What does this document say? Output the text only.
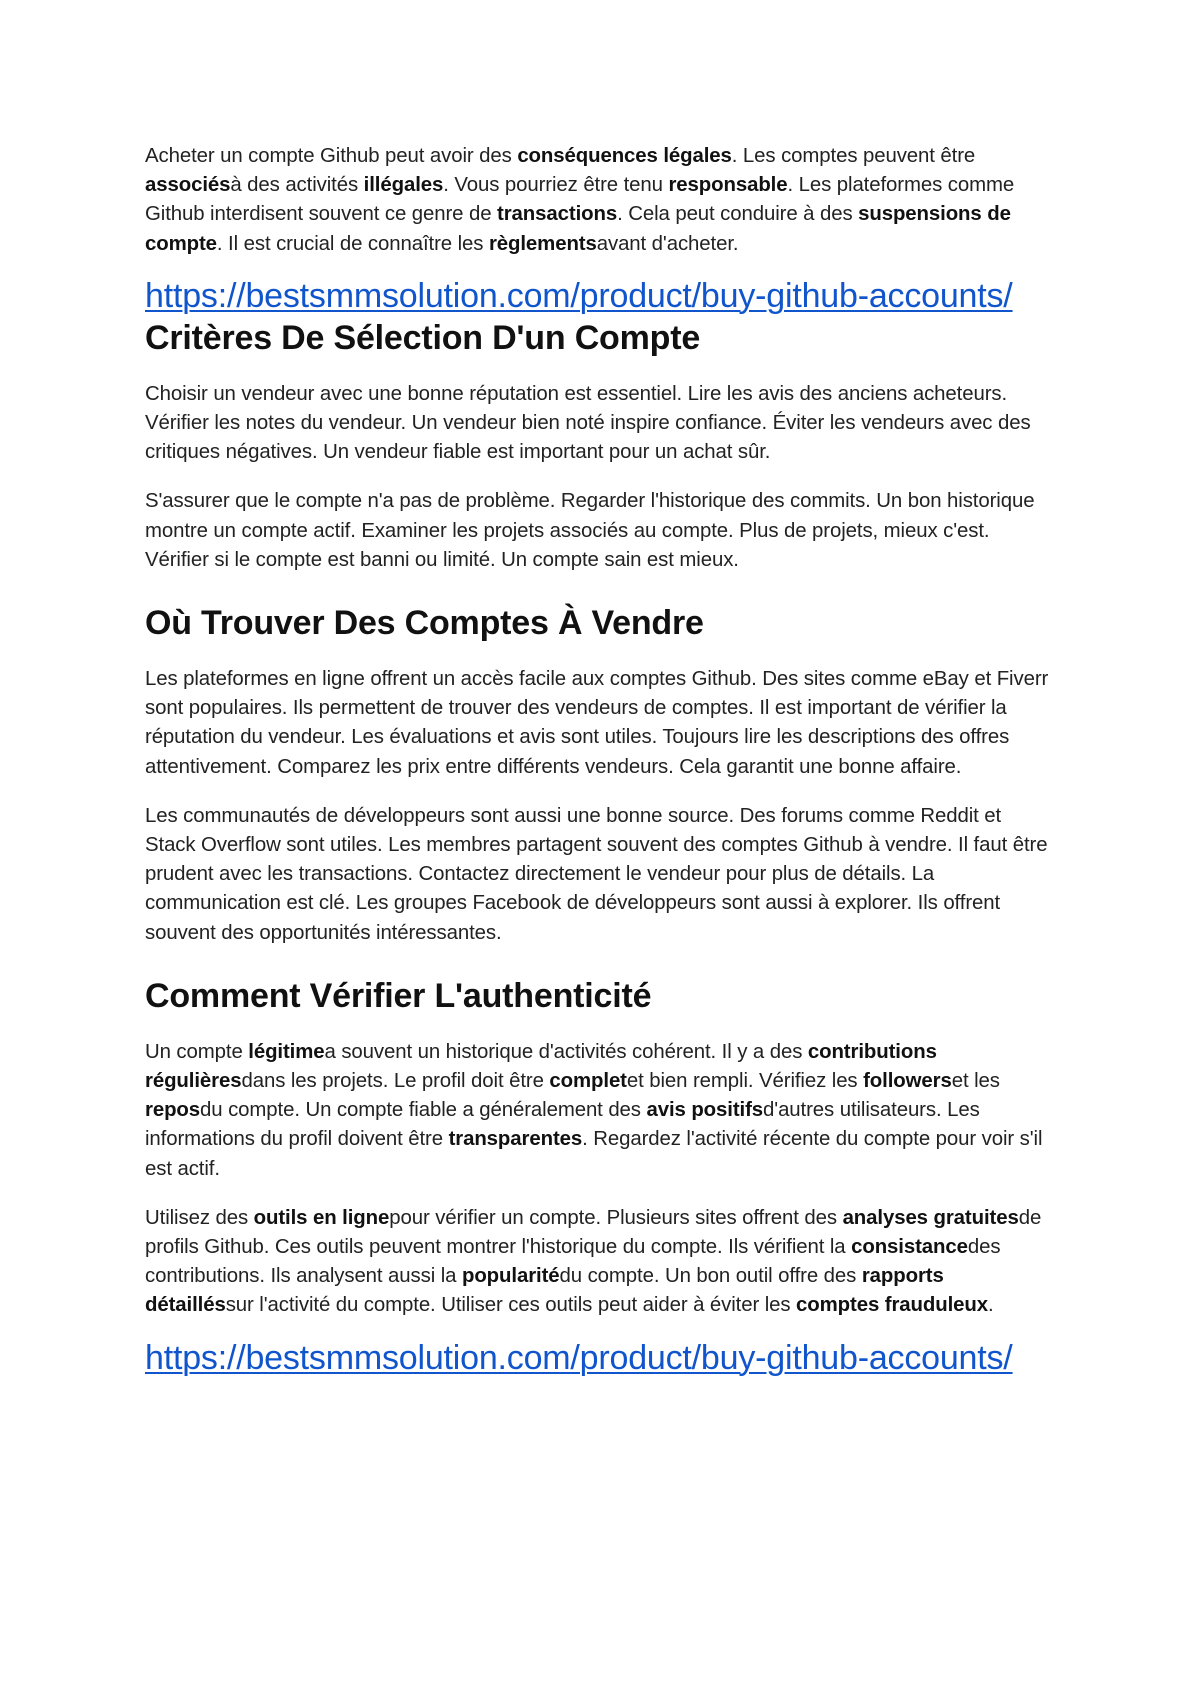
Acheter un compte Github peut avoir des conséquences légales. Les comptes peuvent être associésà des activités illégales. Vous pourriez être tenu responsable. Les plateformes comme Github interdisent souvent ce genre de transactions. Cela peut conduire à des suspensions de compte. Il est crucial de connaître les règlementsavant d'acheter.

https://bestsmmsolution.com/product/buy-github-accounts/
Critères De Sélection D'un Compte

Choisir un vendeur avec une bonne réputation est essentiel. Lire les avis des anciens acheteurs. Vérifier les notes du vendeur. Un vendeur bien noté inspire confiance. Éviter les vendeurs avec des critiques négatives. Un vendeur fiable est important pour un achat sûr.

S'assurer que le compte n'a pas de problème. Regarder l'historique des commits. Un bon historique montre un compte actif. Examiner les projets associés au compte. Plus de projets, mieux c'est. Vérifier si le compte est banni ou limité. Un compte sain est mieux.

Où Trouver Des Comptes À Vendre

Les plateformes en ligne offrent un accès facile aux comptes Github. Des sites comme eBay et Fiverr sont populaires. Ils permettent de trouver des vendeurs de comptes. Il est important de vérifier la réputation du vendeur. Les évaluations et avis sont utiles. Toujours lire les descriptions des offres attentivement. Comparez les prix entre différents vendeurs. Cela garantit une bonne affaire.

Les communautés de développeurs sont aussi une bonne source. Des forums comme Reddit et Stack Overflow sont utiles. Les membres partagent souvent des comptes Github à vendre. Il faut être prudent avec les transactions. Contactez directement le vendeur pour plus de détails. La communication est clé. Les groupes Facebook de développeurs sont aussi à explorer. Ils offrent souvent des opportunités intéressantes.

Comment Vérifier L'authenticité

Un compte légitimea souvent un historique d'activités cohérent. Il y a des contributions régulièresdans les projets. Le profil doit être completet bien rempli. Vérifiez les followerset les reposdu compte. Un compte fiable a généralement des avis positifsd'autres utilisateurs. Les informations du profil doivent être transparentes. Regardez l'activité récente du compte pour voir s'il est actif.

Utilisez des outils en lignepour vérifier un compte. Plusieurs sites offrent des analyses gratuitesde profils Github. Ces outils peuvent montrer l'historique du compte. Ils vérifient la consistancedes contributions. Ils analysent aussi la popularitédu compte. Un bon outil offre des rapports détailléssur l'activité du compte. Utiliser ces outils peut aider à éviter les comptes frauduleux.

https://bestsmmsolution.com/product/buy-github-accounts/
